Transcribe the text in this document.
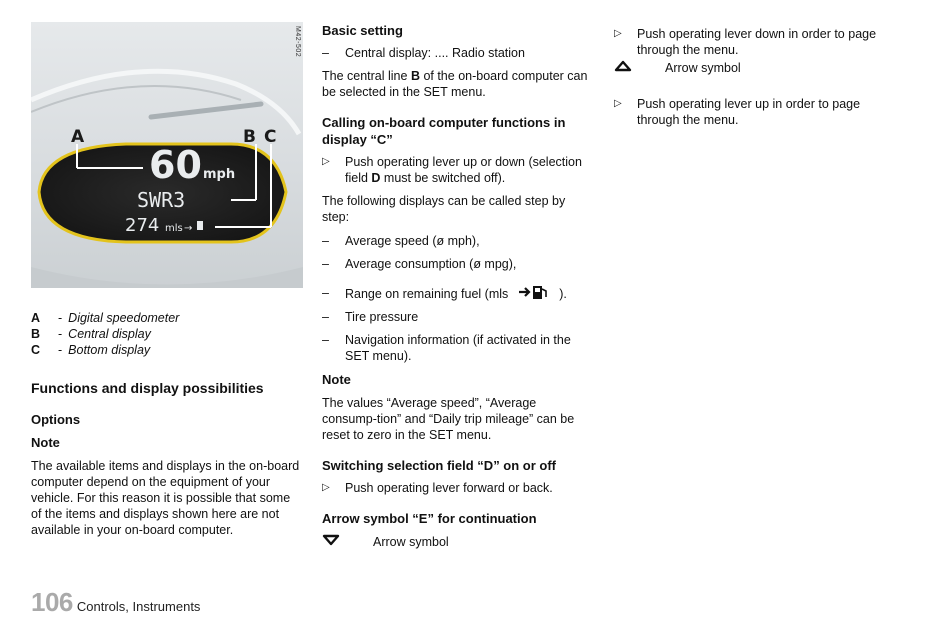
60 mph
SWR3
274 mls →
A	B C
M42-502
A	- Digital speedometer
B	- Central display
C	- Bottom display
Functions and display possibilities
Options
Note

The available items and displays in the on-board computer depend on the equipment of your vehicle. For this reason it is possible that some of the items and displays shown here are not available in your on-board computer.

Basic setting
–	Central display: .... Radio station

The central line B of the on-board computer can be selected in the SET menu.

Calling on-board computer functions in display “C”
▷	Push operating lever up or down (selection field D must be switched off).

The following displays can be called step by step:

–	Average speed (ø mph),
–	Average consumption (ø mpg),
–	Range on remaining fuel (mls	).
–	Tire pressure
–	Navigation information (if activated in the SET menu).
Note

The values “Average speed”, “Average consump-tion” and “Daily trip mileage” can be reset to zero in the SET menu.

Switching selection field “D” on or off
▷	Push operating lever forward or back.
Arrow symbol “E” for continuation
Arrow symbol
▷	Push operating lever down in order to page through the menu.
Arrow symbol
▷	Push operating lever up in order to page through the menu.
106 Controls, Instruments
